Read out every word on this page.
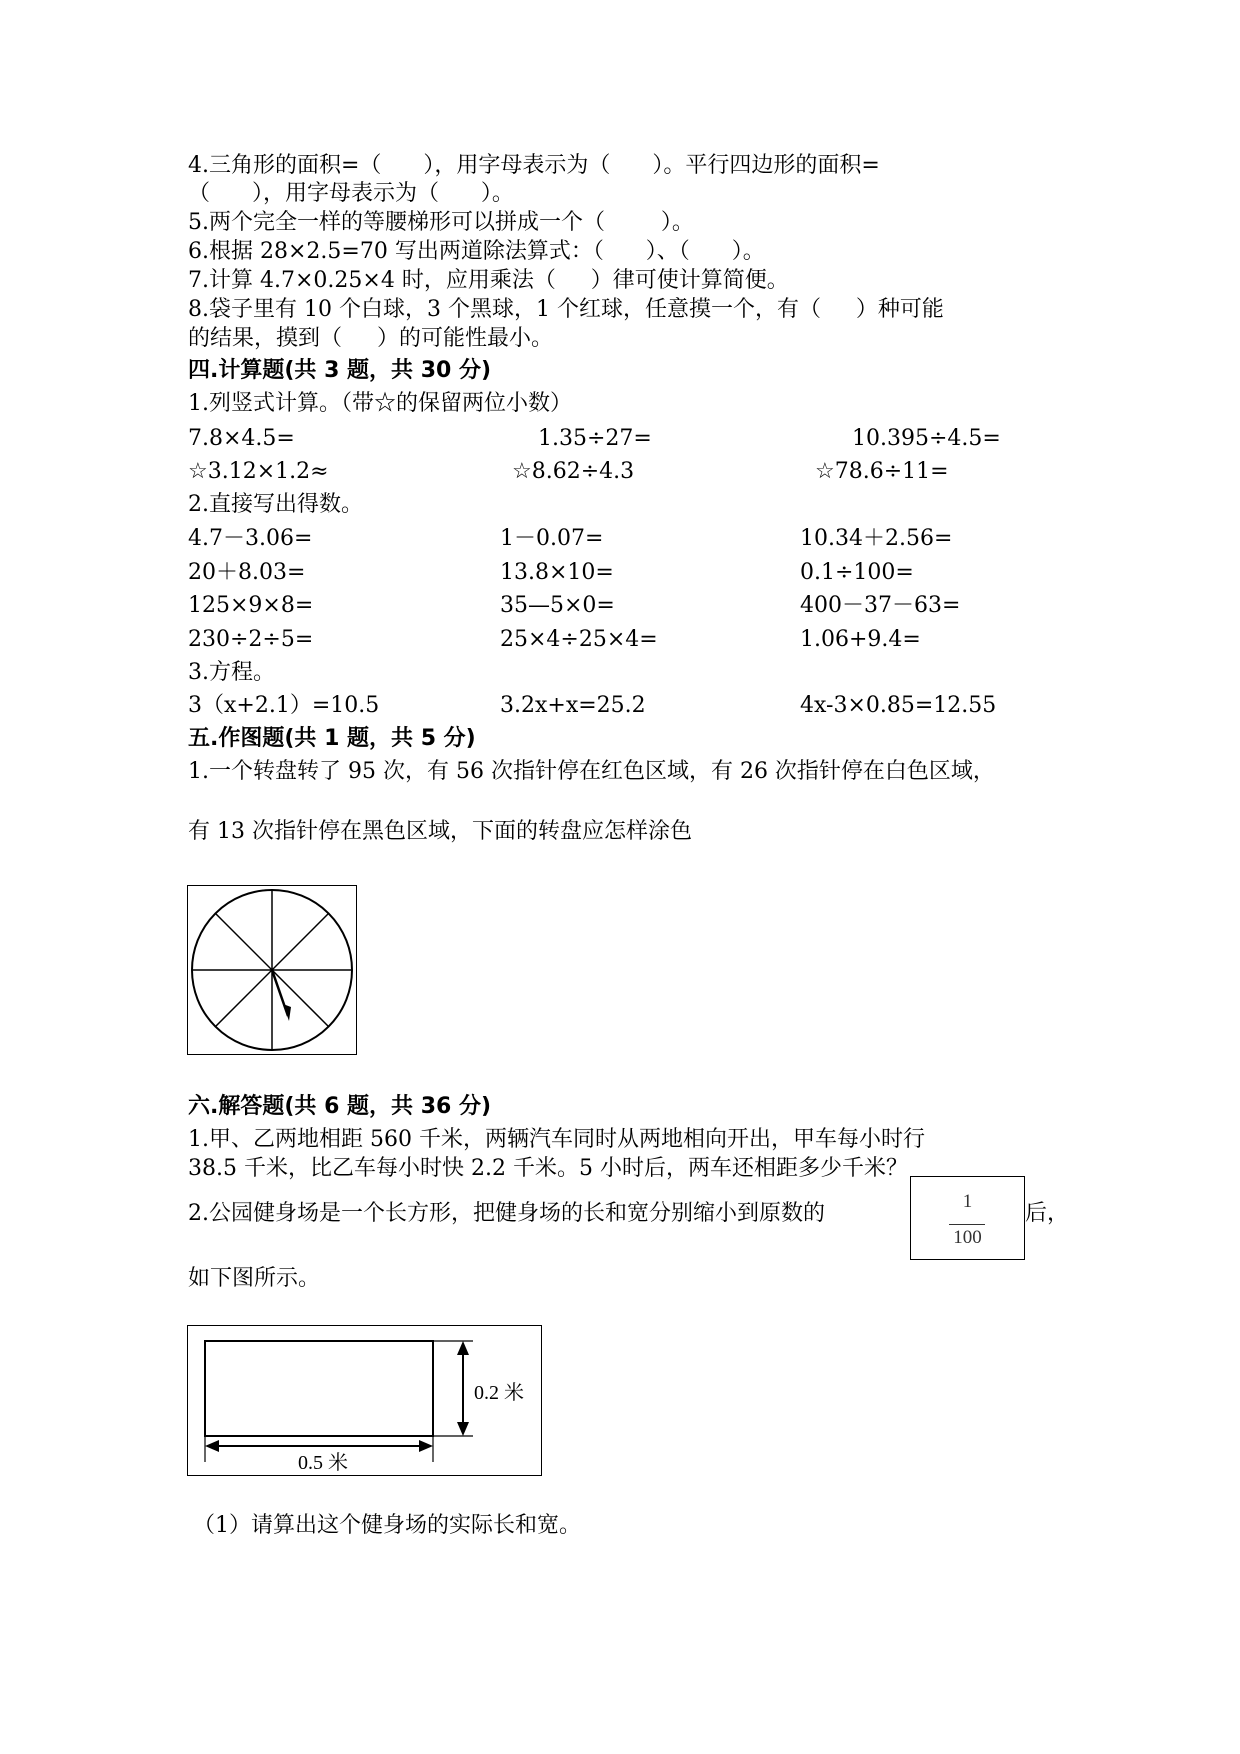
4.三角形的面积=（      ），用字母表示为（      ）。平行四边形的面积=
（      ），用字母表示为（      ）。
5.两个完全一样的等腰梯形可以拼成一个（        ）。
6.根据 28×2.5=70 写出两道除法算式：（      ）、（      ）。
7.计算 4.7×0.25×4 时，应用乘法（     ）律可使计算简便。
8.袋子里有 10 个白球，3 个黑球，1 个红球，任意摸一个，有（     ）种可能
的结果，摸到（     ）的可能性最小。
四.计算题(共 3 题，共 30 分)
1.列竖式计算。（带☆的保留两位小数）
7.8×4.5=	1.35÷27=	10.395÷4.5=
☆3.12×1.2≈	☆8.62÷4.3	☆78.6÷11=
2.直接写出得数。
4.7－3.06=	1－0.07=	10.34＋2.56=
20＋8.03=	13.8×10=	0.1÷100=
125×9×8=	35—5×0=	400－37－63=
230÷2÷5=	25×4÷25×4=	1.06+9.4=
3.方程。
3（x+2.1）=10.5	3.2x+x=25.2	4x-3×0.85=12.55
五.作图题(共 1 题，共 5 分)
1.一个转盘转了 95 次，有 56 次指针停在红色区域，有 26 次指针停在白色区域，
有 13 次指针停在黑色区域，下面的转盘应怎样涂色
六.解答题(共 6 题，共 36 分)
1.甲、乙两地相距 560 千米，两辆汽车同时从两地相向开出，甲车每小时行
38.5 千米，比乙车每小时快 2.2 千米。5 小时后，两车还相距多少千米？
2.公园健身场是一个长方形，把健身场的长和宽分别缩小到原数的	1
100
后，
如下图所示。
0.2 米
0.5 米
（1）请算出这个健身场的实际长和宽。
